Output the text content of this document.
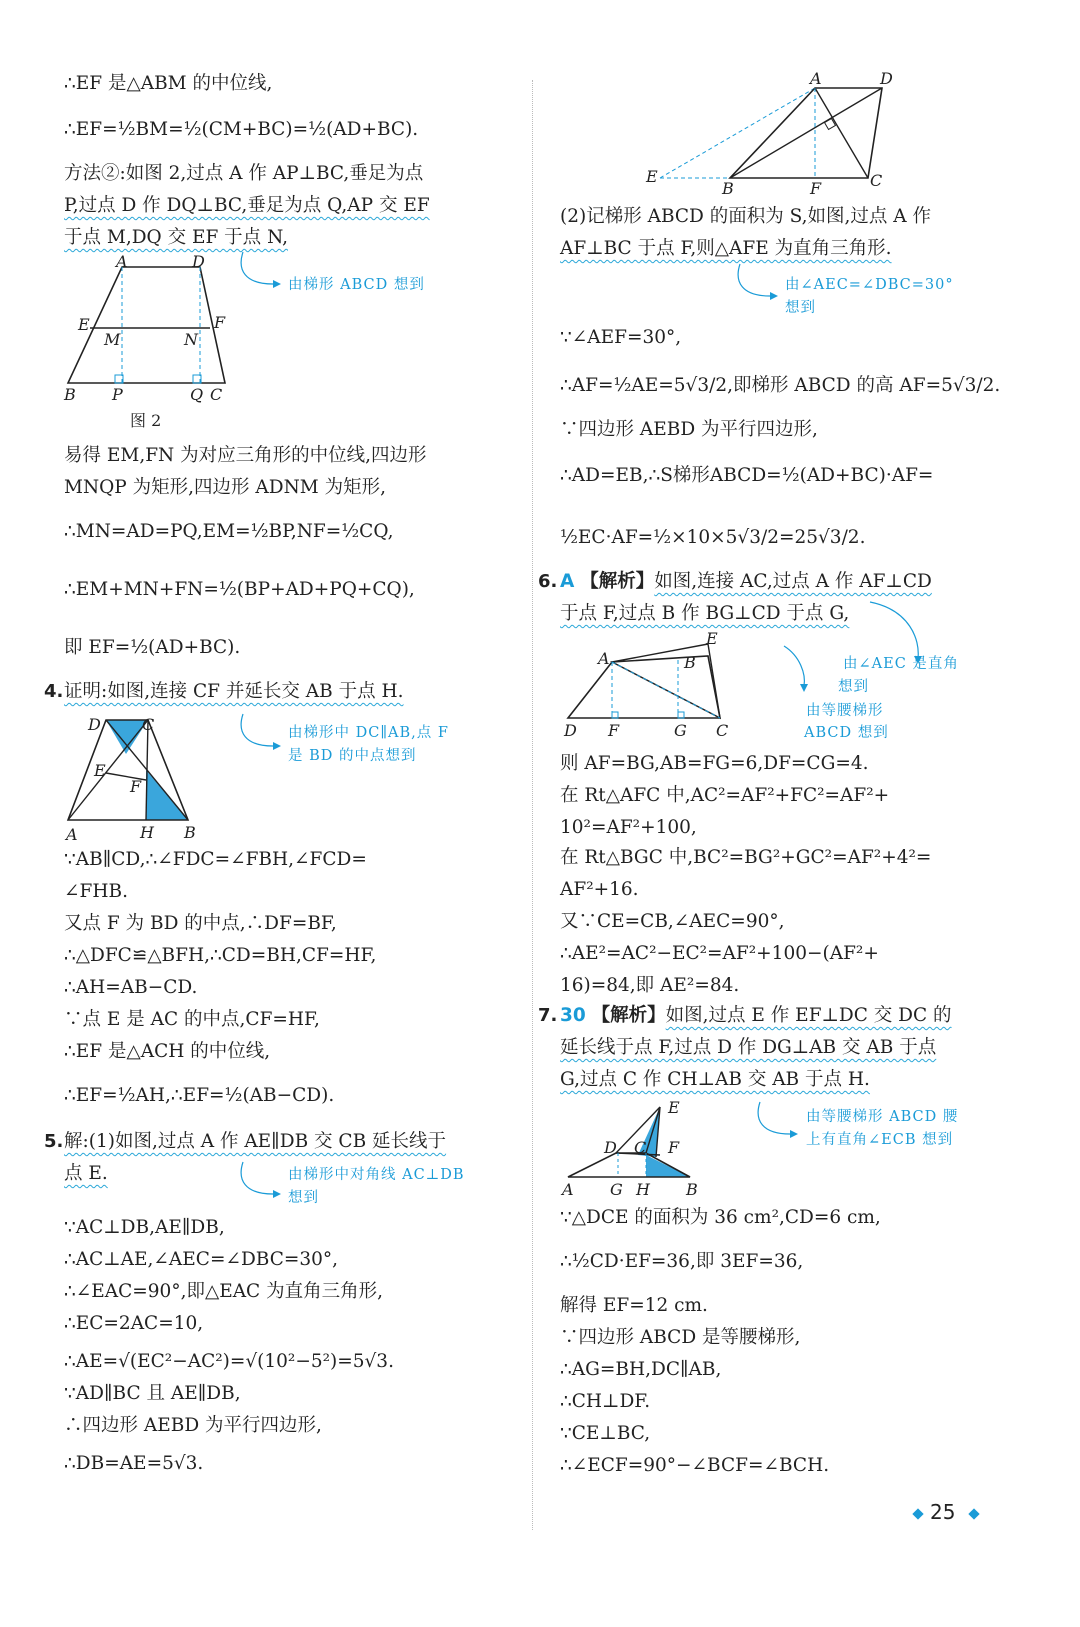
∴EF 是△ABM 的中位线,
∴EF=½BM=½(CM+BC)=½(AD+BC).
方法②:如图 2,过点 A 作 AP⊥BC,垂足为点
P,过点 D 作 DQ⊥BC,垂足为点 Q,AP 交 EF
于点 M,DQ 交 EF 于点 N,
A	D
E	F
M	N
B P	Q C
由梯形 ABCD 想到
图 2
易得 EM,FN 为对应三角形的中位线,四边形
MNQP 为矩形,四边形 ADNM 为矩形,
∴MN=AD=PQ,EM=½BP,NF=½CQ,
∴EM+MN+FN=½(BP+AD+PQ+CQ),
即 EF=½(AD+BC).
4. 证明:如图,连接 CF 并延长交 AB 于点 H.
D	C
E
F
A	H B
由梯形中 DC∥AB,点 F
是 BD 的中点想到
∵AB∥CD,∴∠FDC=∠FBH,∠FCD=
∠FHB.
又点 F 为 BD 的中点,∴DF=BF,
∴△DFC≌△BFH,∴CD=BH,CF=HF,
∴AH=AB−CD.
∵点 E 是 AC 的中点,CF=HF,
∴EF 是△ACH 的中位线,
∴EF=½AH,∴EF=½(AB−CD).
5. 解:(1)如图,过点 A 作 AE∥DB 交 CB 延长线于
点 E.	由梯形中对角线 AC⊥DB
想到
∵AC⊥DB,AE∥DB,
∴AC⊥AE,∠AEC=∠DBC=30°,
∴∠EAC=90°,即△EAC 为直角三角形,
∴EC=2AC=10,
∴AE=√(EC²−AC²)=√(10²−5²)=5√3.
∵AD∥BC 且 AE∥DB,
∴四边形 AEBD 为平行四边形,
∴DB=AE=5√3.
A	D
E
B	F	C
(2)记梯形 ABCD 的面积为 S,如图,过点 A 作
AF⊥BC 于点 F,则△AFE 为直角三角形.
由∠AEC=∠DBC=30°
想到
∵∠AEF=30°,
∴AF=½AE=5√3/2,即梯形 ABCD 的高 AF=5√3/2.
∵四边形 AEBD 为平行四边形,
∴AD=EB,∴S梯形ABCD=½(AD+BC)·AF=
½EC·AF=½×10×5√3/2=25√3/2.
6. A 【解析】如图,连接 AC,过点 A 作 AF⊥CD
于点 F,过点 B 作 BG⊥CD 于点 G,
A	B
E
D F	G C
由∠AEC 是直角
想到
由等腰梯形
ABCD 想到
则 AF=BG,AB=FG=6,DF=CG=4.
在 Rt△AFC 中,AC²=AF²+FC²=AF²+
10²=AF²+100,
在 Rt△BGC 中,BC²=BG²+GC²=AF²+4²=
AF²+16.
又∵CE=CB,∠AEC=90°,
∴AE²=AC²−EC²=AF²+100−(AF²+
16)=84,即 AE²=84.
7. 30 【解析】如图,过点 E 作 EF⊥DC 交 DC 的
延长线于点 F,过点 D 作 DG⊥AB 交 AB 于点
G,过点 C 作 CH⊥AB 交 AB 于点 H.
E
D C F
A G H B
由等腰梯形 ABCD 腰
上有直角∠ECB 想到
∵△DCE 的面积为 36 cm²,CD=6 cm,
∴½CD·EF=36,即 3EF=36,
解得 EF=12 cm.
∵四边形 ABCD 是等腰梯形,
∴AG=BH,DC∥AB,
∴CH⊥DF.
∵CE⊥BC,
∴∠ECF=90°−∠BCF=∠BCH.
25
